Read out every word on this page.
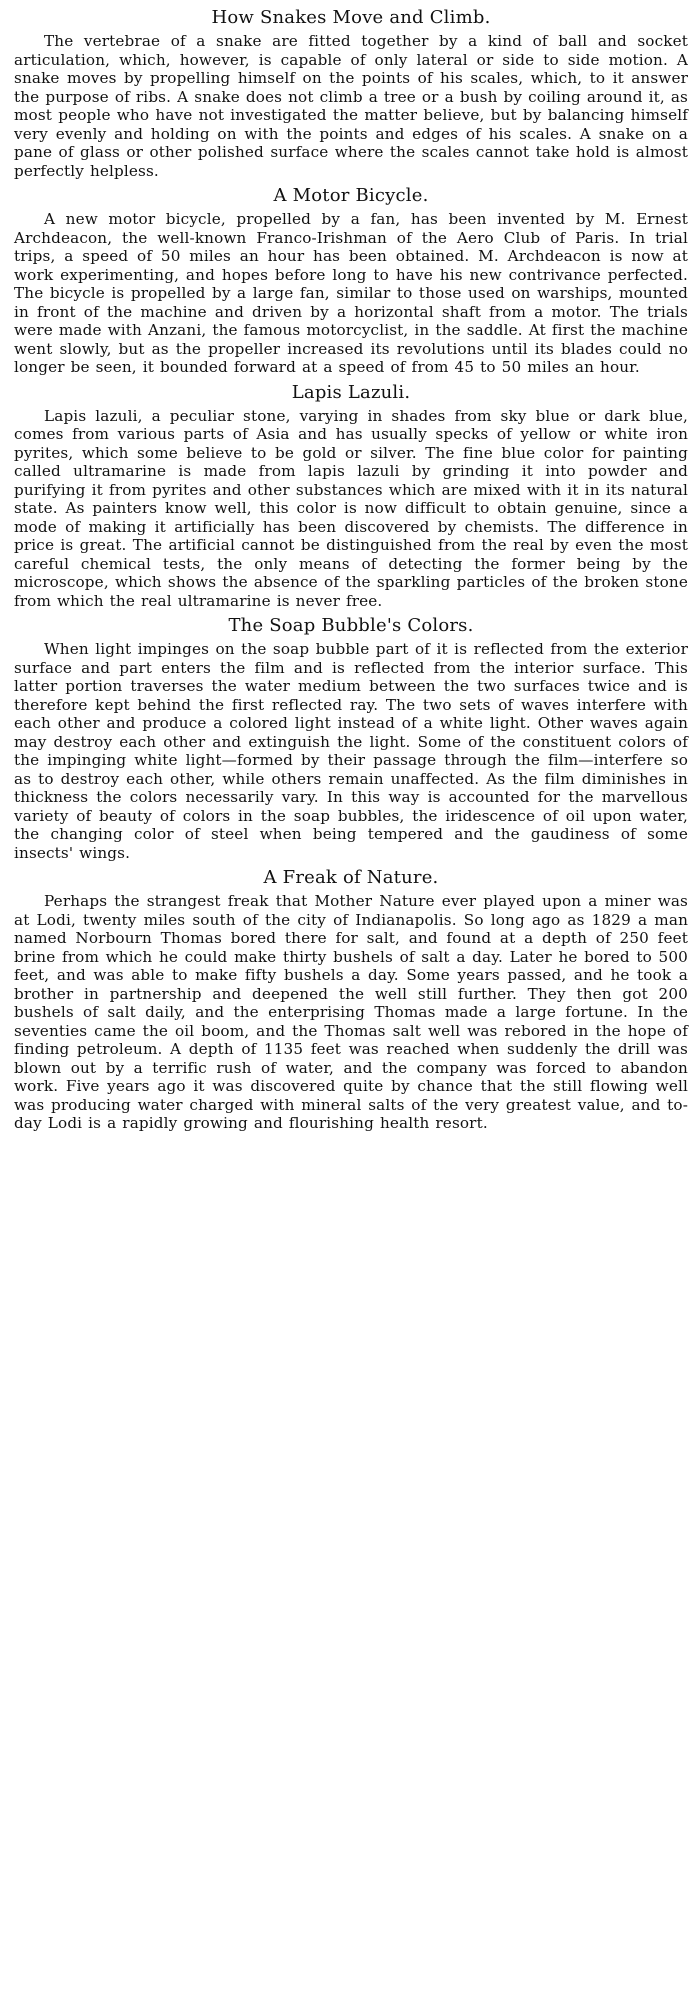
How Snakes Move and Climb.

The vertebrae of a snake are fitted together by a kind of ball and socket articulation, which, however, is capable of only lateral or side to side motion. A snake moves by propelling himself on the points of his scales, which, to it answer the purpose of ribs. A snake does not climb a tree or a bush by coiling around it, as most people who have not investigated the matter believe, but by balancing himself very evenly and holding on with the points and edges of his scales. A snake on a pane of glass or other polished surface where the scales cannot take hold is almost perfectly helpless.

A Motor Bicycle.

A new motor bicycle, propelled by a fan, has been invented by M. Ernest Archdeacon, the well-known Franco-Irishman of the Aero Club of Paris. In trial trips, a speed of 50 miles an hour has been obtained. M. Archdeacon is now at work experimenting, and hopes before long to have his new contrivance perfected. The bicycle is propelled by a large fan, similar to those used on warships, mounted in front of the machine and driven by a horizontal shaft from a motor. The trials were made with Anzani, the famous motorcyclist, in the saddle. At first the machine went slowly, but as the propeller increased its revolutions until its blades could no longer be seen, it bounded forward at a speed of from 45 to 50 miles an hour.

Lapis Lazuli.

Lapis lazuli, a peculiar stone, varying in shades from sky blue or dark blue, comes from various parts of Asia and has usually specks of yellow or white iron pyrites, which some believe to be gold or silver. The fine blue color for painting called ultramarine is made from lapis lazuli by grinding it into powder and purifying it from pyrites and other substances which are mixed with it in its natural state. As painters know well, this color is now difficult to obtain genuine, since a mode of making it artificially has been discovered by chemists. The difference in price is great. The artificial cannot be distinguished from the real by even the most careful chemical tests, the only means of detecting the former being by the microscope, which shows the absence of the sparkling particles of the broken stone from which the real ultramarine is never free.

The Soap Bubble's Colors.

When light impinges on the soap bubble part of it is reflected from the exterior surface and part enters the film and is reflected from the interior surface. This latter portion traverses the water medium between the two surfaces twice and is therefore kept behind the first reflected ray. The two sets of waves interfere with each other and produce a colored light instead of a white light. Other waves again may destroy each other and extinguish the light. Some of the constituent colors of the impinging white light—formed by their passage through the film—interfere so as to destroy each other, while others remain unaffected. As the film diminishes in thickness the colors necessarily vary. In this way is accounted for the marvellous variety of beauty of colors in the soap bubbles, the iridescence of oil upon water, the changing color of steel when being tempered and the gaudiness of some insects' wings.

A Freak of Nature.

Perhaps the strangest freak that Mother Nature ever played upon a miner was at Lodi, twenty miles south of the city of Indianapolis. So long ago as 1829 a man named Norbourn Thomas bored there for salt, and found at a depth of 250 feet brine from which he could make thirty bushels of salt a day. Later he bored to 500 feet, and was able to make fifty bushels a day. Some years passed, and he took a brother in partnership and deepened the well still further. They then got 200 bushels of salt daily, and the enterprising Thomas made a large fortune. In the seventies came the oil boom, and the Thomas salt well was rebored in the hope of finding petroleum. A depth of 1135 feet was reached when suddenly the drill was blown out by a terrific rush of water, and the company was forced to abandon work. Five years ago it was discovered quite by chance that the still flowing well was producing water charged with mineral salts of the very greatest value, and to-day Lodi is a rapidly growing and flourishing health resort.
